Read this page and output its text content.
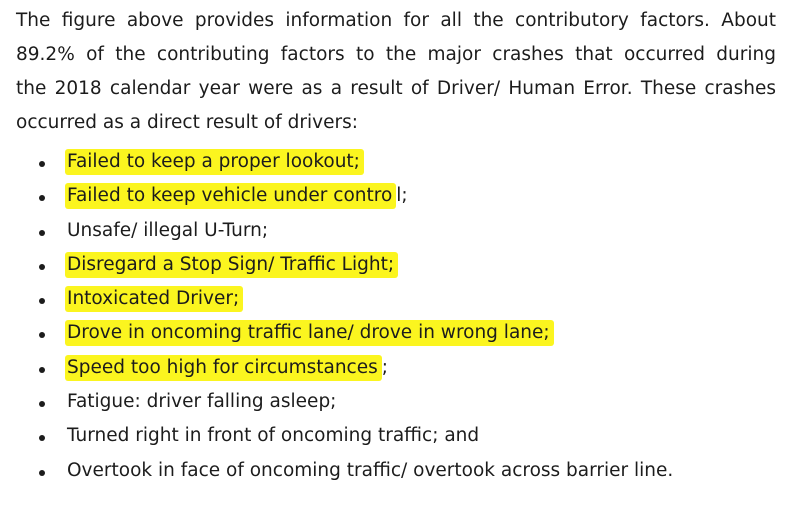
The figure above provides information for all the contributory factors. About
89.2% of the contributing factors to the major crashes that occurred during
the 2018 calendar year were as a result of Driver/ Human Error. These crashes
occurred as a direct result of drivers:

Failed to keep a proper lookout;
Failed to keep vehicle under contro l;
Unsafe/ illegal U-Turn;
Disregard a Stop Sign/ Traffic Light;
Intoxicated Driver;
Drove in oncoming traffic lane/ drove in wrong lane;
Speed too high for circumstances ;
Fatigue: driver falling asleep;
Turned right in front of oncoming traffic; and
Overtook in face of oncoming traffic/ overtook across barrier line.
